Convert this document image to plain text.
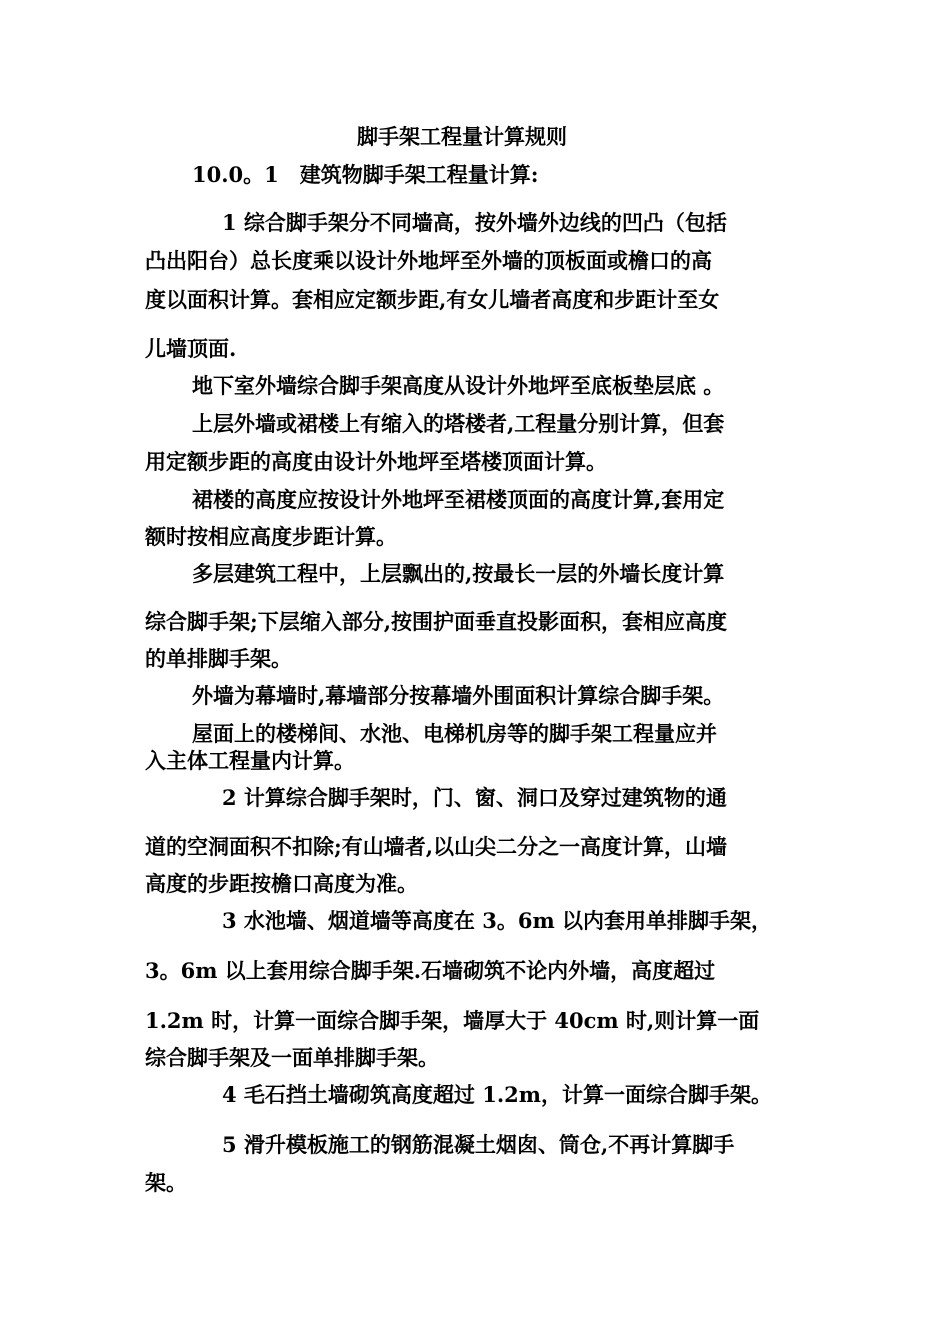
脚手架工程量计算规则
10.0。1　建筑物脚手架工程量计算:
1 综合脚手架分不同墙高，按外墙外边线的凹凸（包括
凸出阳台）总长度乘以设计外地坪至外墙的顶板面或檐口的高
度以面积计算。套相应定额步距,有女儿墙者高度和步距计至女
儿墙顶面.
地下室外墙综合脚手架高度从设计外地坪至底板垫层底 。
上层外墙或裙楼上有缩入的塔楼者,工程量分别计算，但套
用定额步距的高度由设计外地坪至塔楼顶面计算。
裙楼的高度应按设计外地坪至裙楼顶面的高度计算,套用定
额时按相应高度步距计算。
多层建筑工程中，上层飘出的,按最长一层的外墙长度计算
综合脚手架;下层缩入部分,按围护面垂直投影面积，套相应高度
的单排脚手架。
外墙为幕墙时,幕墙部分按幕墙外围面积计算综合脚手架。
屋面上的楼梯间、水池、电梯机房等的脚手架工程量应并
入主体工程量内计算。
2 计算综合脚手架时，门、窗、洞口及穿过建筑物的通
道的空洞面积不扣除;有山墙者,以山尖二分之一高度计算，山墙
高度的步距按檐口高度为准。
3 水池墙、烟道墙等高度在 3。6m 以内套用单排脚手架，
3。6m 以上套用综合脚手架.石墙砌筑不论内外墙，高度超过
1.2m 时，计算一面综合脚手架，墙厚大于 40cm 时,则计算一面
综合脚手架及一面单排脚手架。
4 毛石挡土墙砌筑高度超过 1.2m，计算一面综合脚手架。
5 滑升模板施工的钢筋混凝土烟囱、筒仓,不再计算脚手
架。
